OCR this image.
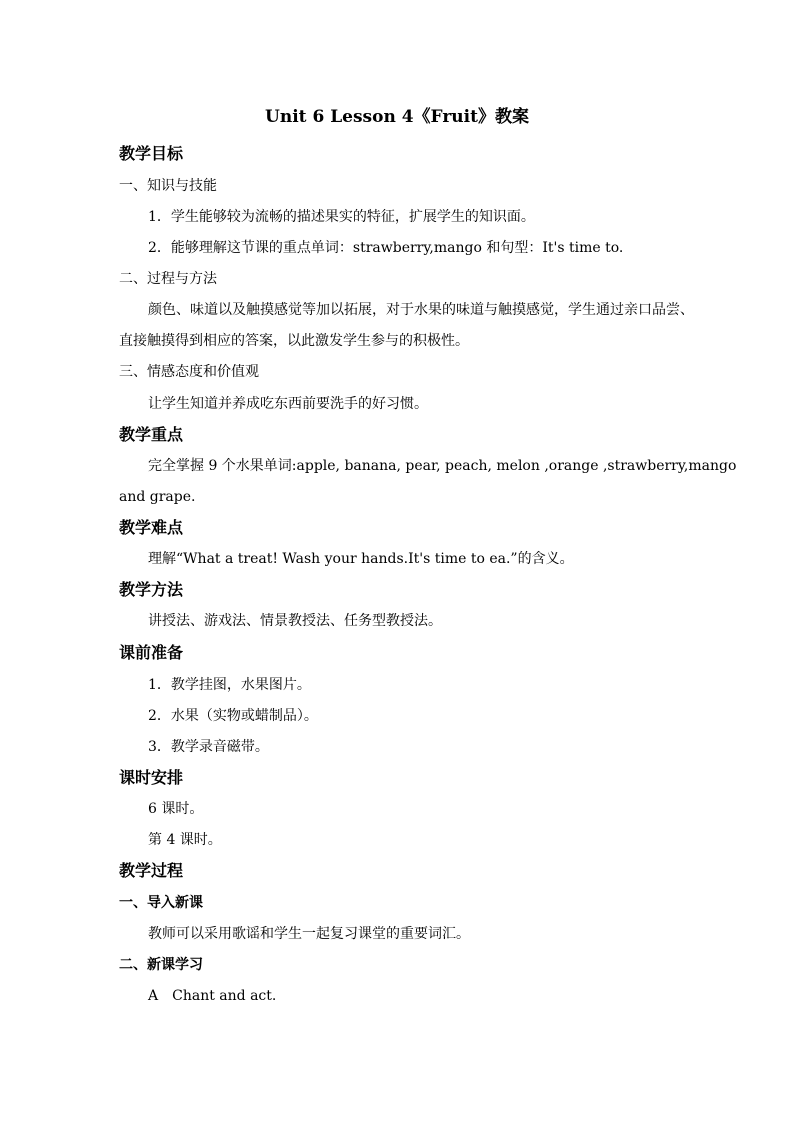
Unit 6 Lesson 4《Fruit》教案
教学目标
一、知识与技能
1．学生能够较为流畅的描述果实的特征，扩展学生的知识面。
2．能够理解这节课的重点单词：strawberry,mango 和句型：It's time to.
二、过程与方法
颜色、味道以及触摸感觉等加以拓展，对于水果的味道与触摸感觉，学生通过亲口品尝、
直接触摸得到相应的答案，以此激发学生参与的积极性。
三、情感态度和价值观
让学生知道并养成吃东西前要洗手的好习惯。
教学重点
完全掌握 9 个水果单词:apple, banana, pear, peach, melon ,orange ,strawberry,mango
and grape.
教学难点
理解“What a treat! Wash your hands.It's time to ea.”的含义。
教学方法
讲授法、游戏法、情景教授法、任务型教授法。
课前准备
1．教学挂图，水果图片。
2．水果（实物或蜡制品）。
3．教学录音磁带。
课时安排
6 课时。
第 4 课时。
教学过程
一、导入新课
教师可以采用歌谣和学生一起复习课堂的重要词汇。
二、新课学习
A Chant and act.
